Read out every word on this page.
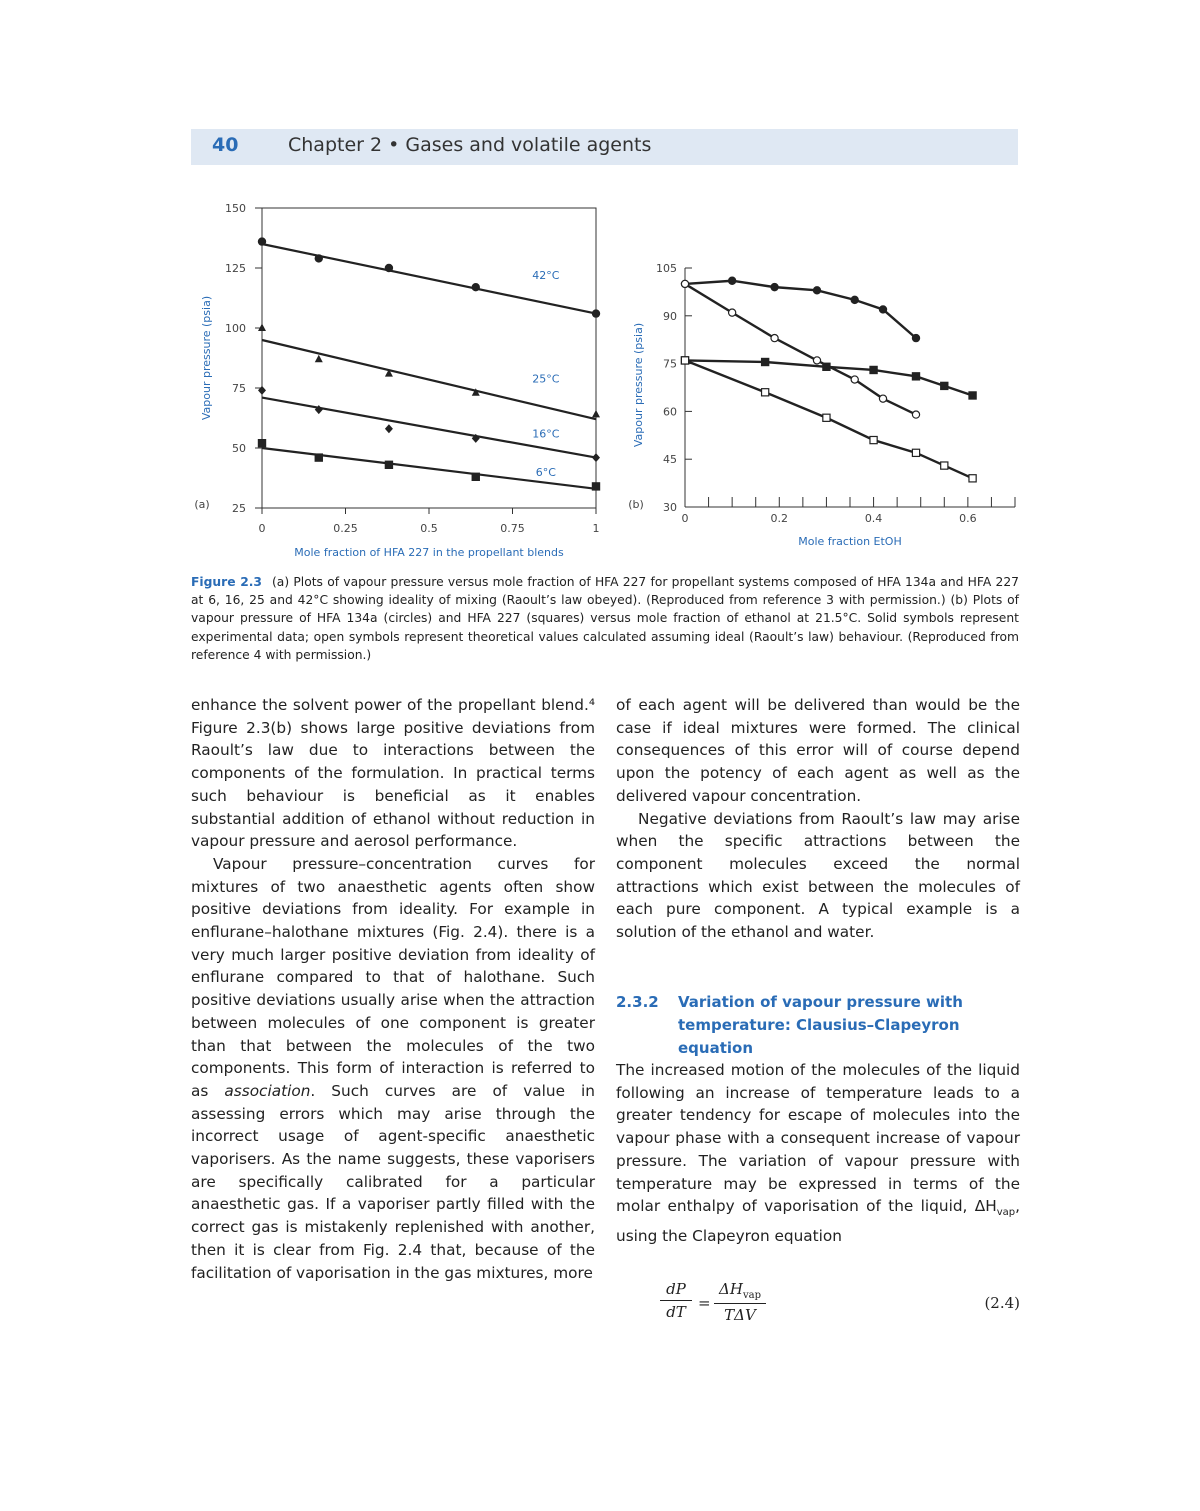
40	Chapter 2 • Gases and volatile agents
25
50
75
100
125
150
0	0.25	0.5	0.75	1
Mole fraction of HFA 227 in the propellant blends
Vapour pressure (psia)
(a)
42°C
25°C
16°C
6°C
30
45
60
75
90
105
0	0.2	0.4	0.6
Mole fraction EtOH
Vapour pressure (psia)
(b)
Figure 2.3 (a) Plots of vapour pressure versus mole fraction of HFA 227 for propellant systems composed of HFA 134a and HFA 227 at 6, 16, 25 and 42°C showing ideality of mixing (Raoult’s law obeyed). (Reproduced from reference 3 with permission.) (b) Plots of vapour pressure of HFA 134a (circles) and HFA 227 (squares) versus mole fraction of ethanol at 21.5°C. Solid symbols represent experimental data; open symbols represent theoretical values calculated assuming ideal (Raoult’s law) behaviour. (Reproduced from reference 4 with permission.)

enhance the solvent power of the propellant blend.⁴ Figure 2.3(b) shows large positive deviations from Raoult’s law due to interactions between the components of the formulation. In practical terms such behaviour is beneficial as it enables substantial addition of ethanol without reduction in vapour pressure and aerosol performance.

Vapour pressure–concentration curves for mixtures of two anaesthetic agents often show positive deviations from ideality. For example in enflurane–halothane mixtures (Fig. 2.4). there is a very much larger positive deviation from ideality of enflurane compared to that of halothane. Such positive deviations usually arise when the attraction between molecules of one component is greater than that between the molecules of the two components. This form of interaction is referred to as association. Such curves are of value in assessing errors which may arise through the incorrect usage of agent-specific anaesthetic vaporisers. As the name suggests, these vaporisers are specifically calibrated for a particular anaesthetic gas. If a vaporiser partly filled with the correct gas is mistakenly replenished with another, then it is clear from Fig. 2.4 that, because of the facilitation of vaporisation in the gas mixtures, more

of each agent will be delivered than would be the case if ideal mixtures were formed. The clinical consequences of this error will of course depend upon the potency of each agent as well as the delivered vapour concentration.

Negative deviations from Raoult’s law may arise when the specific attractions between the component molecules exceed the normal attractions which exist between the molecules of each pure component. A typical example is a solution of the ethanol and water.

2.3.2 Variation of vapour pressure with temperature: Clausius–Clapeyron equation

The increased motion of the molecules of the liquid following an increase of temperature leads to a greater tendency for escape of molecules into the vapour phase with a consequent increase of vapour pressure. The variation of vapour pressure with temperature may be expressed in terms of the molar enthalpy of vaporisation of the liquid, $\Delta H_{vap}$, using the Clapeyron equation

$\frac{dP}{dT}$ =
$\Delta H_{vap}$
TΔV
(2.4)
